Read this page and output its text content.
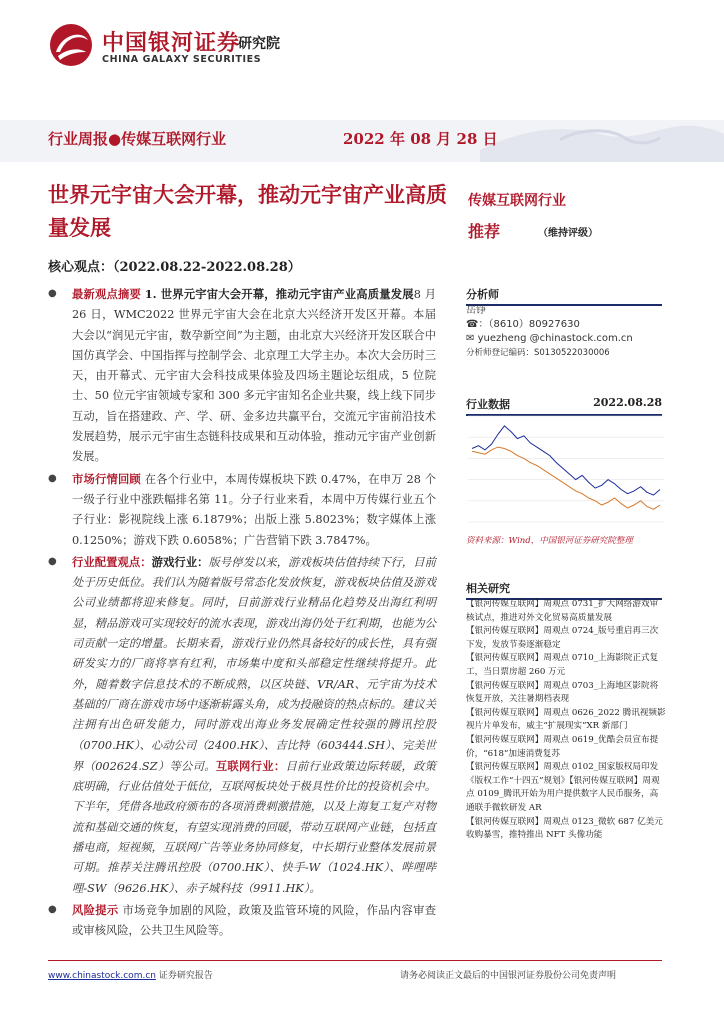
中国银河证券
研究院
CHINA GALAXY SECURITIES
行业周报●传媒互联网行业	2022 年 08 月 28 日
世界元宇宙大会开幕，推动元宇宙产业高质量发展
核心观点：（2022.08.22-2022.08.28）
● 最新观点摘要 1. 世界元宇宙大会开幕，推动元宇宙产业高质量发展8 月 26 日，WMC2022 世界元宇宙大会在北京大兴经济开发区开幕。本届大会以“润见元宇宙，数孕新空间”为主题，由北京大兴经济开发区联合中国仿真学会、中国指挥与控制学会、北京理工大学主办。本次大会历时三天，由开幕式、元宇宙大会科技成果体验及四场主题论坛组成，5 位院士、50 位元宇宙领域专家和 300 多元宇宙知名企业共聚，线上线下同步互动，旨在搭建政、产、学、研、金多边共赢平台，交流元宇宙前沿技术发展趋势，展示元宇宙生态链科技成果和互动体验，推动元宇宙产业创新发展。
● 市场行情回顾 在各个行业中，本周传媒板块下跌 0.47%，在申万 28 个一级子行业中涨跌幅排名第 11。分子行业来看，本周中万传媒行业五个子行业：影视院线上涨 6.1879%；出版上涨 5.8023%；数字媒体上涨 0.1250%；游戏下跌 0.6058%；广告营销下跌 3.7847%。
● 行业配置观点：游戏行业：版号停发以来，游戏板块估值持续下行，目前处于历史低位。我们认为随着版号常态化发放恢复，游戏板块估值及游戏公司业绩都将迎来修复。同时，目前游戏行业精品化趋势及出海红利明显，精品游戏可实现较好的流水表现，游戏出海仍处于红利期，也能为公司贡献一定的增量。长期来看，游戏行业仍然具备较好的成长性，具有强研发实力的厂商将享有红利，市场集中度和头部稳定性继续将提升。此外，随着数字信息技术的不断成熟，以区块链、VR/AR、元宇宙为技术基础的厂商在游戏市场中逐渐崭露头角，成为投融资的热点标的。建议关注拥有出色研发能力，同时游戏出海业务发展确定性较强的腾讯控股（0700.HK）、心动公司（2400.HK）、吉比特（603444.SH）、完美世界（002624.SZ）等公司。互联网行业：目前行业政策边际转暖，政策底明确，行业估值处于低位，互联网板块处于极具性价比的投资机会中。下半年，凭借各地政府颁布的各项消费刺激措施，以及上海复工复产对物流和基础交通的恢复，有望实现消费的回暖，带动互联网产业链，包括直播电商，短视频，互联网广告等业务协同修复，中长期行业整体发展前景可期。推荐关注腾讯控股（0700.HK）、快手-W（1024.HK）、哔哩哔哩-SW（9626.HK）、赤子城科技（9911.HK）。
● 风险提示 市场竞争加剧的风险，政策及监管环境的风险，作品内容审查或审核风险，公共卫生风险等。
传媒互联网行业
推荐	（维持评级）
分析师
岳铮
☎：（8610）80927630
✉ yuezheng @chinastock.com.cn
分析师登记编码：S0130522030006
行业数据	2022.08.28
资料来源：Wind，中国银河证券研究院整理
相关研究
【银河传媒互联网】周观点 0731_扩大网络游戏审核试点，推进对外文化贸易高质量发展
【银河传媒互联网】周观点 0724_版号重启再三次下发，发放节奏逐渐稳定
【银河传媒互联网】周观点 0710_上海影院正式复工，当日票房超 260 万元
【银河传媒互联网】周观点 0703_上海地区影院将恢复开放，关注暑期档表现
【银河传媒互联网】周观点 0626_2022 腾讯视频影视片片单发布，威主“扩展现实”XR 新部门
【银河传媒互联网】周观点 0619_优酷会员宣布提价，“618”加速消费复苏
【银河传媒互联网】周观点 0102_国家版权局印发《版权工作“十四五”规划》【银河传媒互联网】周观点 0109_腾讯开始为用户提供数字人民币服务，高通联手微软研发 AR
【银河传媒互联网】周观点 0123_微软 687 亿美元收购暴雪，推特推出 NFT 头像功能
www.chinastock.com.cn 证券研究报告	请务必阅读正文最后的中国银河证券股份公司免责声明
